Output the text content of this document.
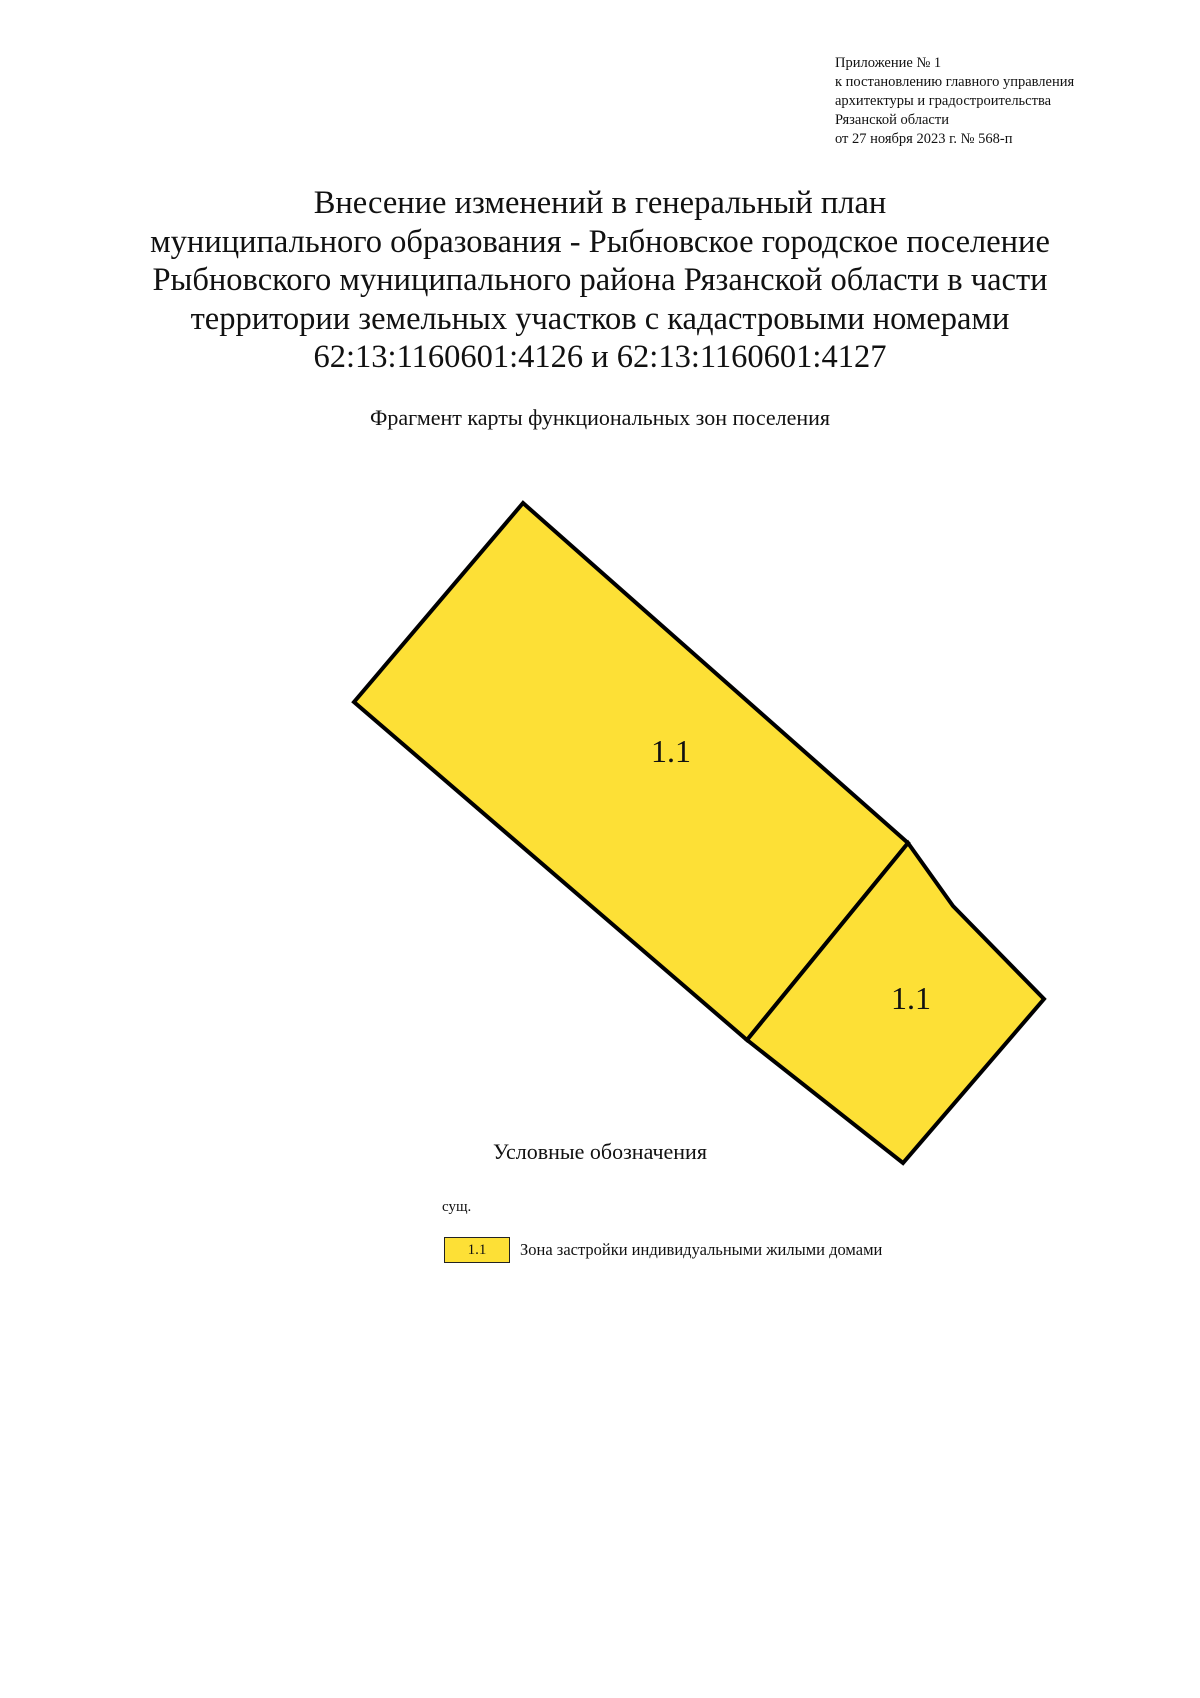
Приложение № 1
к постановлению главного управления
архитектуры и градостроительства
Рязанской области
от 27 ноября 2023 г. № 568-п
Внесение изменений в генеральный план
муниципального образования - Рыбновское городское поселение
Рыбновского муниципального района Рязанской области в части
территории земельных участков с кадастровыми номерами
62:13:1160601:4126 и 62:13:1160601:4127
Фрагмент карты функциональных зон поселения
1.1
1.1
Условные обозначения
сущ.
1.1 Зона застройки индивидуальными жилыми домами
